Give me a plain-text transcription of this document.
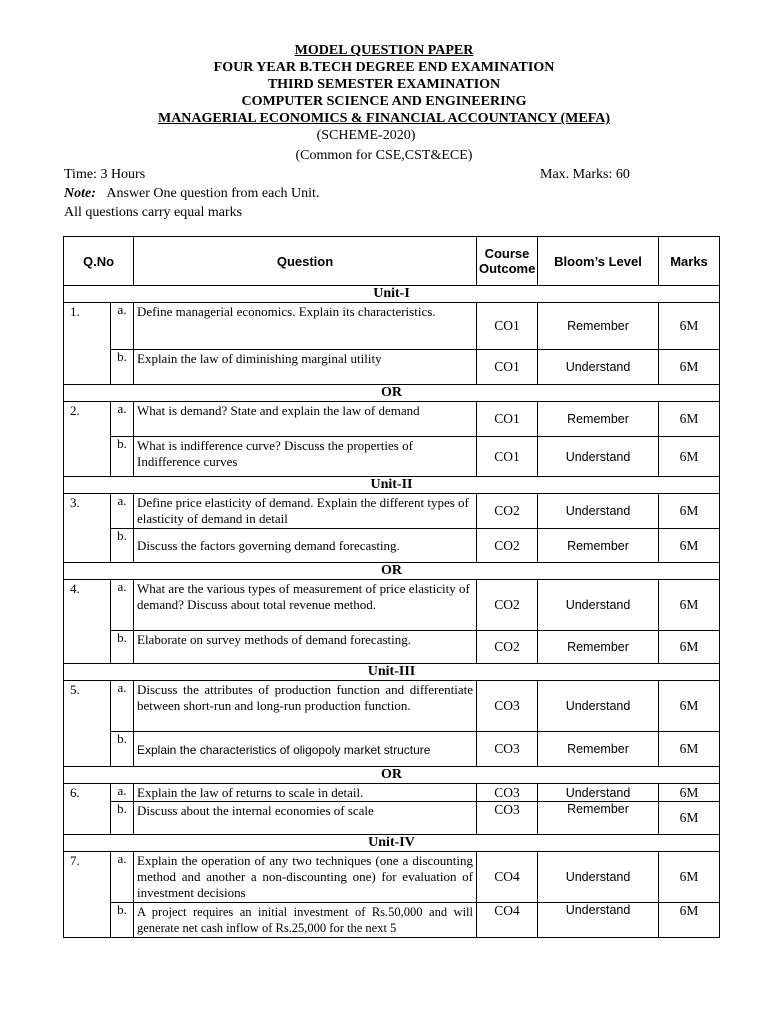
MODEL QUESTION PAPER
FOUR YEAR B.TECH DEGREE END EXAMINATION
THIRD SEMESTER EXAMINATION
COMPUTER SCIENCE AND ENGINEERING
MANAGERIAL ECONOMICS & FINANCIAL ACCOUNTANCY (MEFA)
(SCHEME-2020)
(Common for CSE,CST&ECE)
Time: 3 Hours	Max. Marks: 60
Note: Answer One question from each Unit.
All questions carry equal marks
Q.No		Question	Course Outcome	Bloom’s Level	Marks
Unit-I					
1.	a.	Define managerial economics. Explain its characteristics.	CO1	Remember	6M
	b.	Explain the law of diminishing marginal utility	CO1	Understand	6M
OR					
2.	a.	What is demand? State and explain the law of demand	CO1	Remember	6M
	b.	What is indifference curve? Discuss the properties of Indifference curves	CO1	Understand	6M
Unit-II					
3.	a.	Define price elasticity of demand. Explain the different types of elasticity of demand in detail	CO2	Understand	6M
	b.	Discuss the factors governing demand forecasting.	CO2	Remember	6M
OR					
4.	a.	What are the various types of measurement of price elasticity of demand? Discuss about total revenue method.	CO2	Understand	6M
	b.	Elaborate on survey methods of demand forecasting.	CO2	Remember	6M
Unit-III					
5.	a.	Discuss the attributes of production function and differentiate between short-run and long-run production function.	CO3	Understand	6M
	b.	Explain the characteristics of oligopoly market structure	CO3	Remember	6M
OR					
6.	a.	Explain the law of returns to scale in detail.	CO3	Understand	6M
	b.	Discuss about the internal economies of scale	CO3	Remember	6M
Unit-IV					
7.	a.	Explain the operation of any two techniques (one a discounting method and another a non-discounting one) for evaluation of investment decisions	CO4	Understand	6M
	b.	A project requires an initial investment of Rs.50,000 and will generate net cash inflow of Rs.25,000 for the next 5	CO4	Understand	6M
